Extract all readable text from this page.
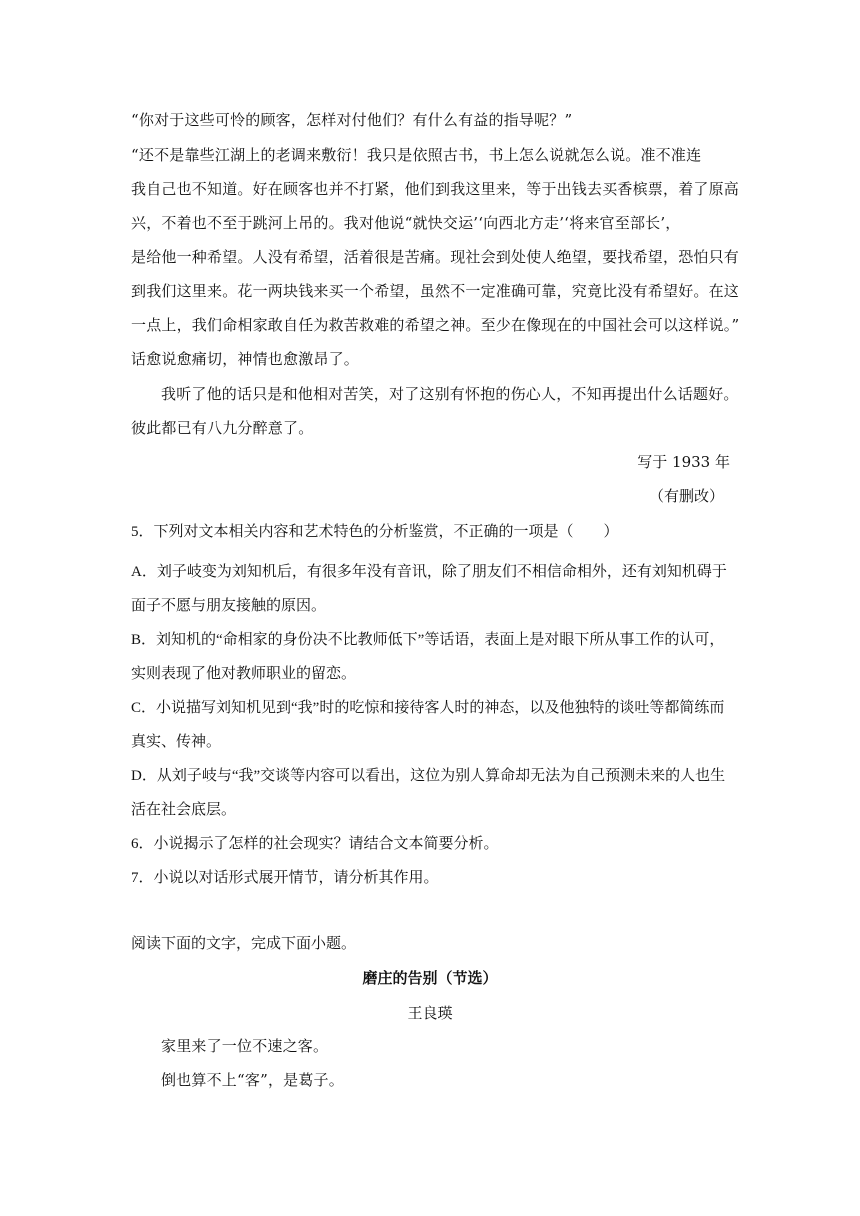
“你对于这些可怜的顾客，怎样对付他们？有什么有益的指导呢？”
“还不是靠些江湖上的老调来敷衍！我只是依照古书，书上怎么说就怎么说。准不准连
我自己也不知道。好在顾客也并不打紧，他们到我这里来，等于出钱去买香槟票，着了原高
兴，不着也不至于跳河上吊的。我对他说“就快交运’‘向西北方走’‘将来官至部长’，
是给他一种希望。人没有希望，活着很是苦痛。现社会到处使人绝望，要找希望，恐怕只有
到我们这里来。花一两块钱来买一个希望，虽然不一定准确可靠，究竟比没有希望好。在这
一点上，我们命相家敢自任为救苦救难的希望之神。至少在像现在的中国社会可以这样说。”
话愈说愈痛切，神情也愈激昂了。
我听了他的话只是和他相对苦笑，对了这别有怀抱的伤心人，不知再提出什么话题好。
彼此都已有八九分醉意了。
写于 1933 年
（有删改）
5．下列对文本相关内容和艺术特色的分析鉴赏，不正确的一项是（　　）
A．刘子岐变为刘知机后，有很多年没有音讯，除了朋友们不相信命相外，还有刘知机碍于
面子不愿与朋友接触的原因。
B．刘知机的“命相家的身份决不比教师低下”等话语，表面上是对眼下所从事工作的认可，
实则表现了他对教师职业的留恋。
C．小说描写刘知机见到“我”时的吃惊和接待客人时的神态，以及他独特的谈吐等都简练而
真实、传神。
D．从刘子岐与“我”交谈等内容可以看出，这位为别人算命却无法为自己预测未来的人也生
活在社会底层。
6．小说揭示了怎样的社会现实？请结合文本简要分析。
7．小说以对话形式展开情节，请分析其作用。
阅读下面的文字，完成下面小题。
磨庄的告别（节选）
王良瑛
家里来了一位不速之客。
倒也算不上“客”，是葛子。
